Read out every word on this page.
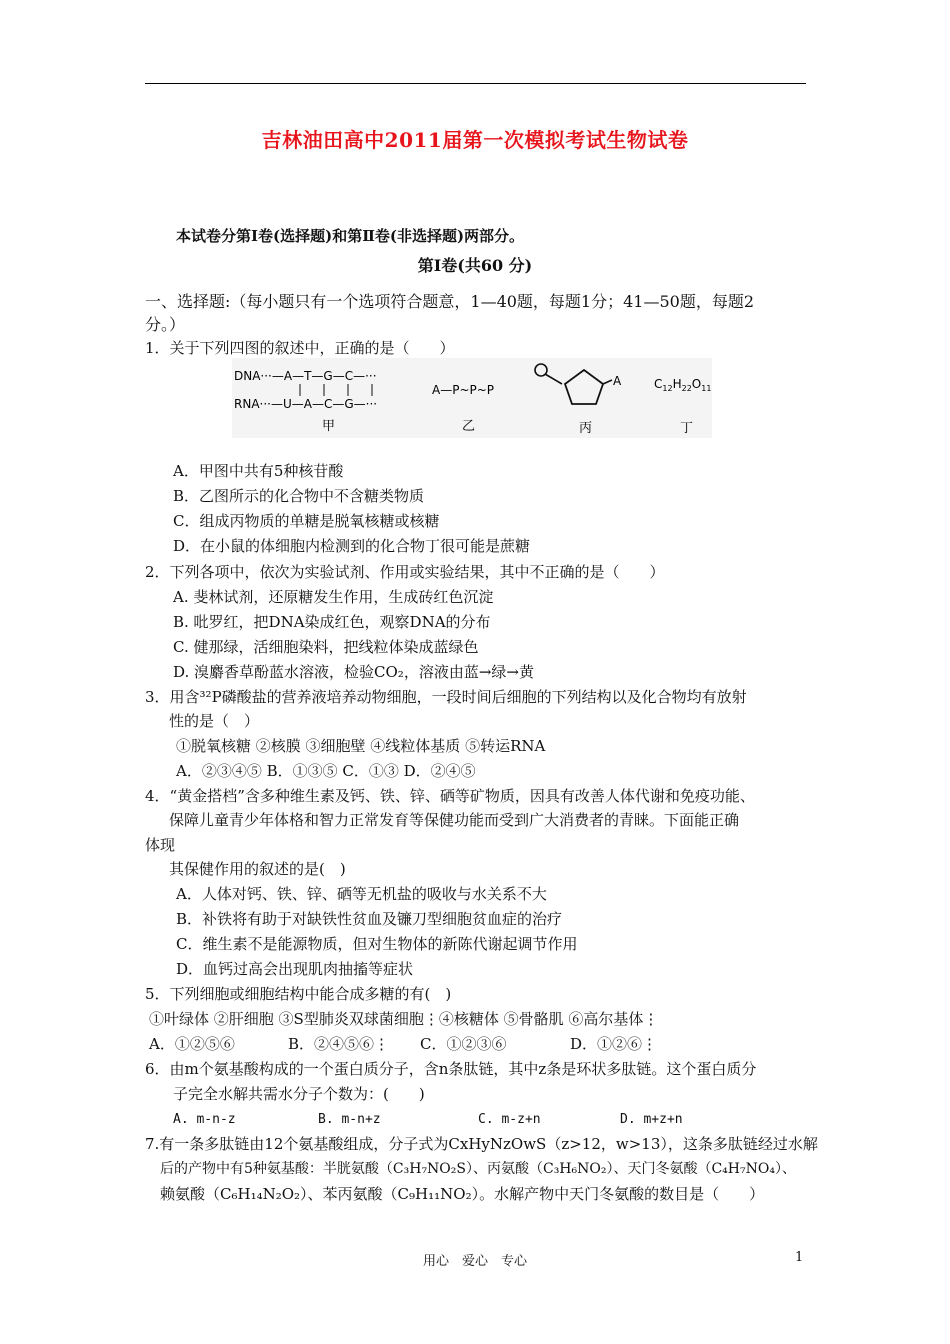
吉林油田高中2011届第一次模拟考试生物试卷
本试卷分第Ⅰ卷(选择题)和第Ⅱ卷(非选择题)两部分。
第Ⅰ卷(共60 分)
一、选择题:（每小题只有一个选项符合题意，1—40题，每题1分；41—50题，每题2
分。）
1．关于下列四图的叙述中，正确的是（　　）
DNA···—A—T—G—C—···
RNA···—U—A—C—G—···
甲
A—P~P~P
乙
A
丙
$C_{12}H_{22}O_{11}$
丁
A．甲图中共有5种核苷酸
B．乙图所示的化合物中不含糖类物质
C．组成丙物质的单糖是脱氧核糖或核糖
D．在小鼠的体细胞内检测到的化合物丁很可能是蔗糖
2．下列各项中，依次为实验试剂、作用或实验结果，其中不正确的是（　　）
A. 斐林试剂，还原糖发生作用，生成砖红色沉淀
B. 吡罗红，把DNA染成红色，观察DNA的分布
C. 健那绿，活细胞染料，把线粒体染成蓝绿色
D. 溴麝香草酚蓝水溶液，检验CO₂，溶液由蓝→绿→黄
3．用含³²P磷酸盐的营养液培养动物细胞，一段时间后细胞的下列结构以及化合物均有放射
性的是（　）
①脱氧核糖 ②核膜 ③细胞壁 ④线粒体基质 ⑤转运RNA
A．②③④⑤ B．①③⑤ C．①③ D．②④⑤
4．“黄金搭档”含多种维生素及钙、铁、锌、硒等矿物质，因具有改善人体代谢和免疫功能、
保障儿童青少年体格和智力正常发育等保健功能而受到广大消费者的青睐。下面能正确
体现
其保健作用的叙述的是(　)
A．人体对钙、铁、锌、硒等无机盐的吸收与水关系不大
B．补铁将有助于对缺铁性贫血及镰刀型细胞贫血症的治疗
C．维生素不是能源物质，但对生物体的新陈代谢起调节作用
D．血钙过高会出现肌肉抽搐等症状
5．下列细胞或细胞结构中能合成多糖的有(　)
①叶绿体 ②肝细胞 ③S型肺炎双球菌细胞⋮④核糖体 ⑤骨骼肌 ⑥高尔基体⋮
A．①②⑤⑥	B．②④⑤⑥⋮ C．①②③⑥	D．①②⑥⋮
6．由m个氨基酸构成的一个蛋白质分子，含n条肽链，其中z条是环状多肽链。这个蛋白质分
子完全水解共需水分子个数为：(　　)
A. m-n-z	B. m-n+z	C. m-z+n	D. m+z+n
7.有一条多肽链由12个氨基酸组成，分子式为CxHyNzOwS（z>12，w>13），这条多肽链经过水解
后的产物中有5种氨基酸：半胱氨酸（C₃H₇NO₂S）、丙氨酸（C₃H₆NO₂）、天门冬氨酸（C₄H₇NO₄）、
赖氨酸（C₆H₁₄N₂O₂）、苯丙氨酸（C₉H₁₁NO₂）。水解产物中天门冬氨酸的数目是（　　）
用心　爱心　专心	1
